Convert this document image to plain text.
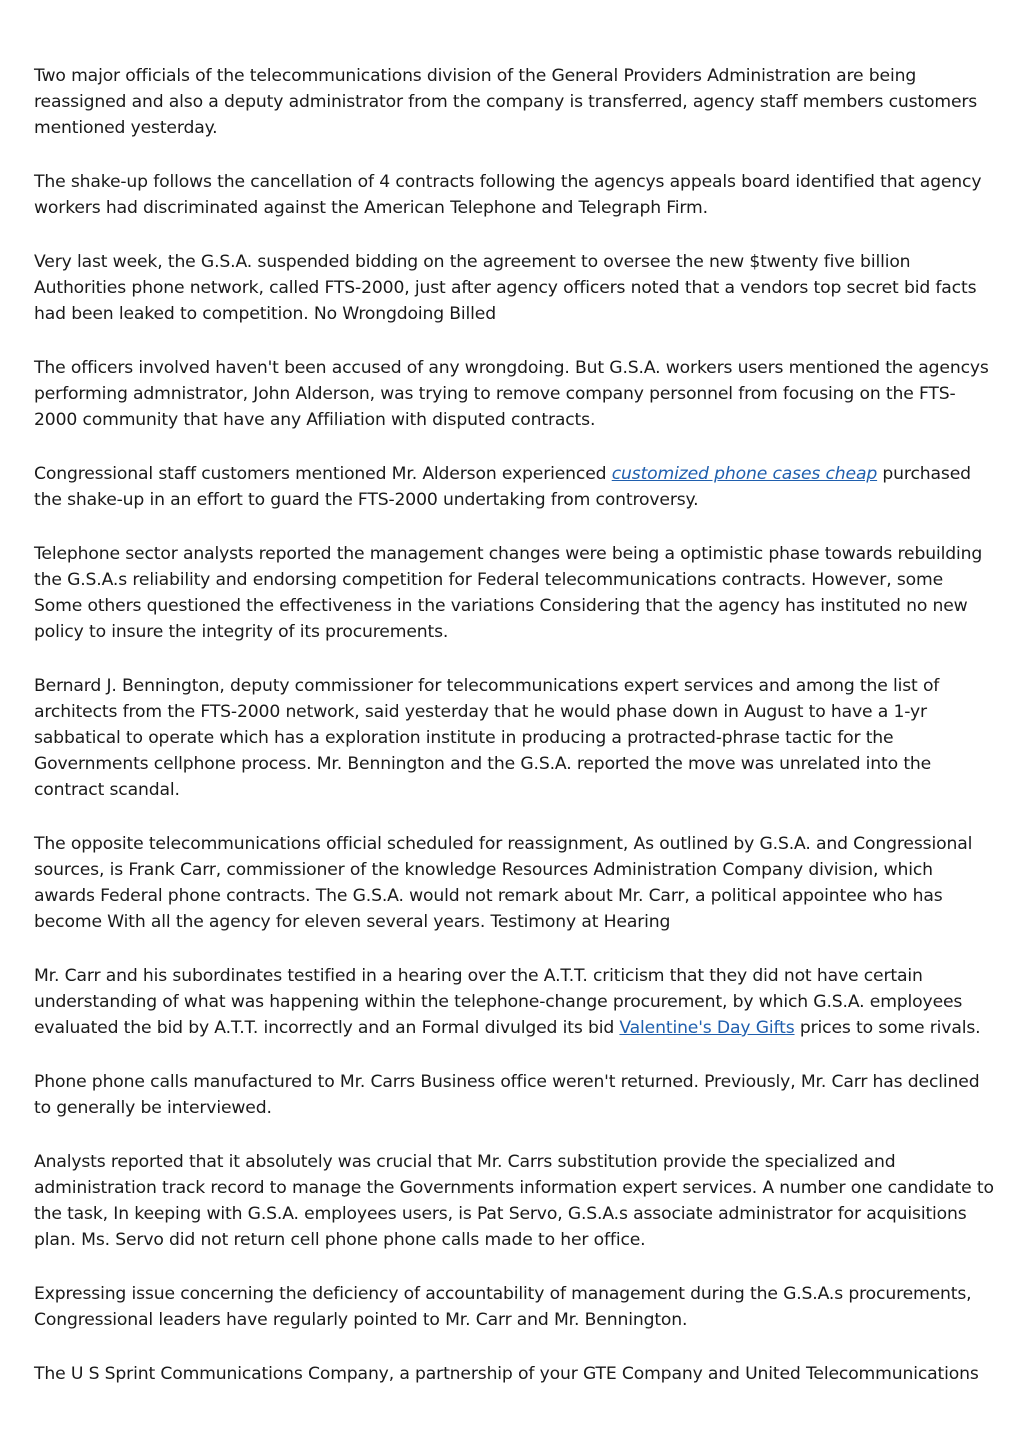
Two major officials of the telecommunications division of the General Providers Administration are being reassigned and also a deputy administrator from the company is transferred, agency staff members customers mentioned yesterday.

The shake-up follows the cancellation of 4 contracts following the agencys appeals board identified that agency workers had discriminated against the American Telephone and Telegraph Firm.

Very last week, the G.S.A. suspended bidding on the agreement to oversee the new $twenty five billion Authorities phone network, called FTS-2000, just after agency officers noted that a vendors top secret bid facts had been leaked to competition. No Wrongdoing Billed

The officers involved haven't been accused of any wrongdoing. But G.S.A. workers users mentioned the agencys performing admnistrator, John Alderson, was trying to remove company personnel from focusing on the FTS-2000 community that have any Affiliation with disputed contracts.

Congressional staff customers mentioned Mr. Alderson experienced customized phone cases cheap purchased the shake-up in an effort to guard the FTS-2000 undertaking from controversy.

Telephone sector analysts reported the management changes were being a optimistic phase towards rebuilding the G.S.A.s reliability and endorsing competition for Federal telecommunications contracts. However, some Some others questioned the effectiveness in the variations Considering that the agency has instituted no new policy to insure the integrity of its procurements.

Bernard J. Bennington, deputy commissioner for telecommunications expert services and among the list of architects from the FTS-2000 network, said yesterday that he would phase down in August to have a 1-yr sabbatical to operate which has a exploration institute in producing a protracted-phrase tactic for the Governments cellphone process. Mr. Bennington and the G.S.A. reported the move was unrelated into the contract scandal.

The opposite telecommunications official scheduled for reassignment, As outlined by G.S.A. and Congressional sources, is Frank Carr, commissioner of the knowledge Resources Administration Company division, which awards Federal phone contracts. The G.S.A. would not remark about Mr. Carr, a political appointee who has become With all the agency for eleven several years. Testimony at Hearing

Mr. Carr and his subordinates testified in a hearing over the A.T.T. criticism that they did not have certain understanding of what was happening within the telephone-change procurement, by which G.S.A. employees evaluated the bid by A.T.T. incorrectly and an Formal divulged its bid Valentine's Day Gifts prices to some rivals.

Phone phone calls manufactured to Mr. Carrs Business office weren't returned. Previously, Mr. Carr has declined to generally be interviewed.

Analysts reported that it absolutely was crucial that Mr. Carrs substitution provide the specialized and administration track record to manage the Governments information expert services. A number one candidate to the task, In keeping with G.S.A. employees users, is Pat Servo, G.S.A.s associate administrator for acquisitions plan. Ms. Servo did not return cell phone phone calls made to her office.

Expressing issue concerning the deficiency of accountability of management during the G.S.A.s procurements, Congressional leaders have regularly pointed to Mr. Carr and Mr. Bennington.

The U S Sprint Communications Company, a partnership of your GTE Company and United Telecommunications
